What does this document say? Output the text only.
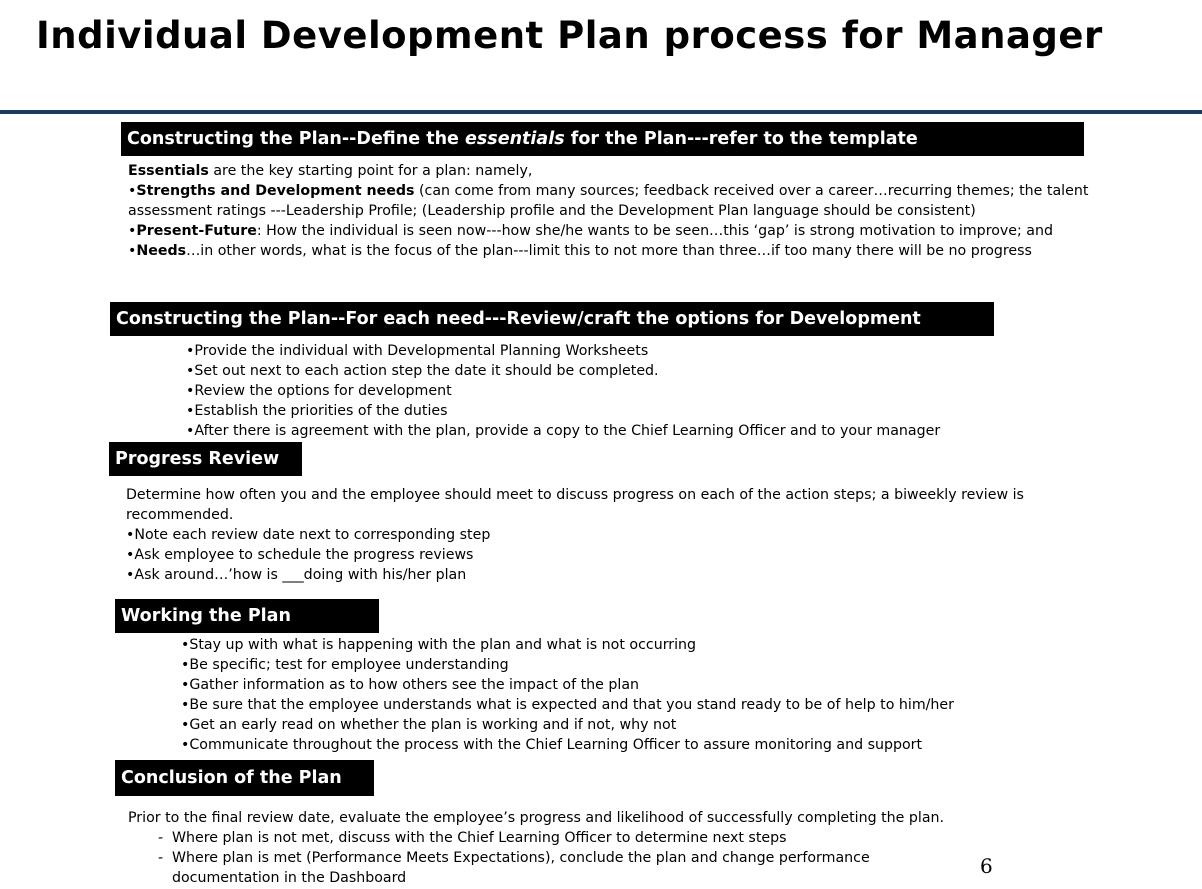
Individual Development Plan process for Manager
Constructing the Plan--Define the essentials for the Plan---refer to the template

Essentials are the key starting point for a plan: namely,

•Strengths and Development needs (can come from many sources; feedback received over a career…recurring themes; the talent

assessment ratings ---Leadership Profile; (Leadership profile and the Development Plan language should be consistent)

•Present-Future: How the individual is seen now---how she/he wants to be seen…this ‘gap’ is strong motivation to improve; and

•Needs…in other words, what is the focus of the plan---limit this to not more than three…if too many there will be no progress

Constructing the Plan--For each need---Review/craft the options for Development

•Provide the individual with Developmental Planning Worksheets

•Set out next to each action step the date it should be completed.

•Review the options for development

•Establish the priorities of the duties

•After there is agreement with the plan, provide a copy to the Chief Learning Officer and to your manager

Progress Review

Determine how often you and the employee should meet to discuss progress on each of the action steps; a biweekly review is

recommended.

•Note each review date next to corresponding step

•Ask employee to schedule the progress reviews

•Ask around…’how is ___doing with his/her plan

Working the Plan

•Stay up with what is happening with the plan and what is not occurring

•Be specific; test for employee understanding

•Gather information as to how others see the impact of the plan

•Be sure that the employee understands what is expected and that you stand ready to be of help to him/her

•Get an early read on whether the plan is working and if not, why not

•Communicate throughout the process with the Chief Learning Officer to assure monitoring and support

Conclusion of the Plan

Prior to the final review date, evaluate the employee’s progress and likelihood of successfully completing the plan.

- Where plan is not met, discuss with the Chief Learning Officer to determine next steps

- Where plan is met (Performance Meets Expectations), conclude the plan and change performance

documentation in the Dashboard	6
